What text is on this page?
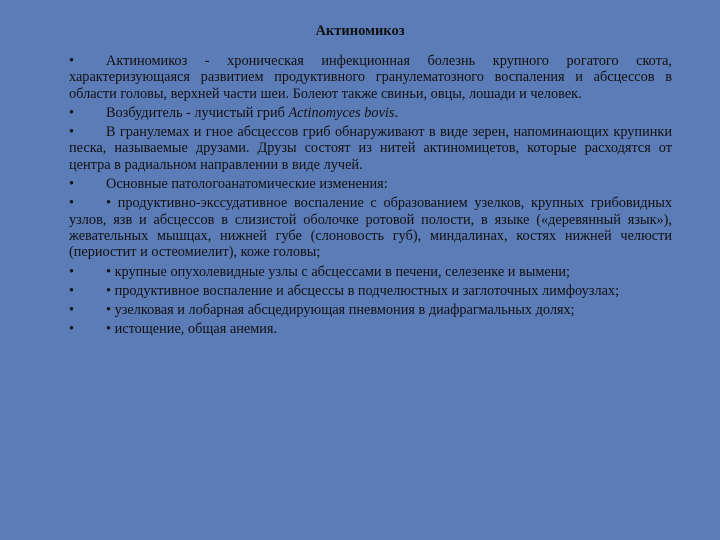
Актиномикоз
• Актиномикоз - хроническая инфекционная болезнь крупного рогатого скота, характеризующаяся развитием продуктивного гранулематозного воспаления и абсцессов в области головы, верхней части шеи. Болеют также свиньи, овцы, лошади и человек.
• Возбудитель - лучистый гриб Actinomyces bovis.
• В гранулемах и гное абсцессов гриб обнаруживают в виде зерен, напоминающих крупинки песка, называемые друзами. Друзы состоят из нитей актиномицетов, которые расходятся от центра в радиальном направлении в виде лучей.
• Основные патологоанатомические изменения:
• • продуктивно-экссудативное воспаление с образованием узелков, крупных грибовидных узлов, язв и абсцессов в слизистой оболочке ротовой полости, в языке («деревянный язык»), жевательных мышцах, нижней губе (слоновость губ), миндалинах, костях нижней челюсти (периостит и остеомиелит), коже головы;
• • крупные опухолевидные узлы с абсцессами в печени, селезенке и вымени;
• • продуктивное воспаление и абсцессы в подчелюстных и заглоточных лимфоузлах;
• • узелковая и лобарная абсцедирующая пневмония в диафрагмальных долях;
• • истощение, общая анемия.
